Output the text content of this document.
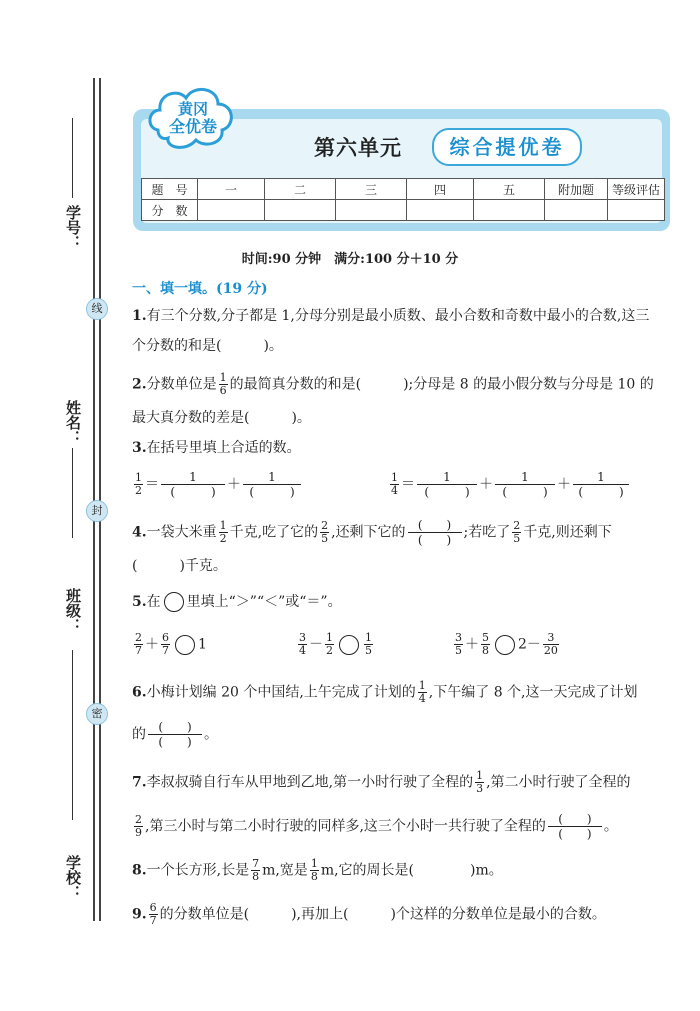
学号：
姓名：
班级：
学校：
线
封
密
黄冈
全优卷
第六单元	综合提优卷
题　号	一	二	三	四	五	附加题	等级评估
分　数							
时间:90 分钟　满分:100 分＋10 分
一、填一填。(19 分)
1.有三个分数,分子都是 1,分母分别是最小质数、最小合数和奇数中最小的合数,这三
个分数的和是(　　　)。
2.分数单位是 $\frac{1}{6}$ 的最简真分数的和是(　　　);分母是 8 的最小假分数与分母是 10 的
最大真分数的差是(　　　)。
3.在括号里填上合适的数。
$\frac{1}{2}$ ＝	1
(　　　) ＋	1
(　　　)	$\frac{1}{4}$ ＝	1
(　　　) ＋	1
(　　　) ＋	1
(　　　)
4.一袋大米重 $\frac{1}{2}$ 千克,吃了它的 $\frac{2}{5}$ ,还剩下它的	(　　)
(　　) ;若吃了 $\frac{2}{5}$ 千克,则还剩下
(　　　)千克。
5.在 里填上“＞”“＜”或“＝”。
$\frac{2}{7} + \frac{6}{7} 1$	$\frac{3}{4} - \frac{1}{2}$	$\frac{1}{5}$	$\frac{3}{5} + \frac{5}{8} 2- \frac{3}{20}$
6.小梅计划编 20 个中国结,上午完成了计划的 $\frac{1}{4}$ ,下午编了 8 个,这一天完成了计划
的	(　　)
(　　) 。
7.李叔叔骑自行车从甲地到乙地,第一小时行驶了全程的 $\frac{1}{3}$ ,第二小时行驶了全程的
$\frac{2}{9}$ ,第三小时与第二小时行驶的同样多,这三个小时一共行驶了全程的	(　　)
(　　) 。
8.一个长方形,长是 $\frac{7}{8} m$,宽是 $\frac{1}{8} m$,它的周长是(　　　　)m。
9. $\frac{6}{7}$ 的分数单位是(　　　),再加上(　　　)个这样的分数单位是最小的合数。
